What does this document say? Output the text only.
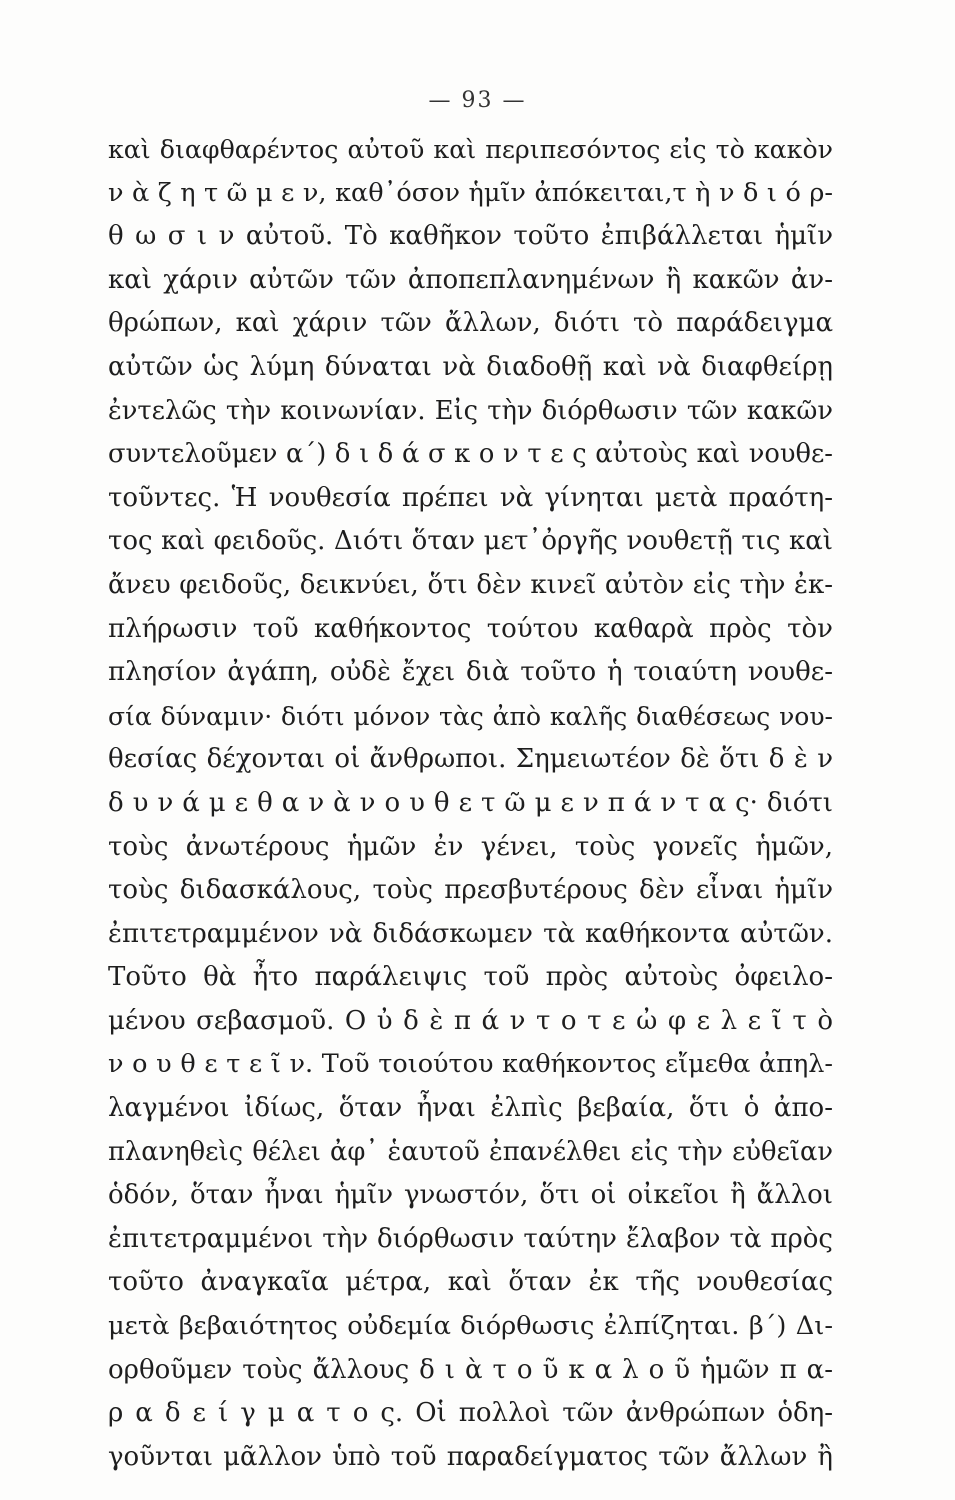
— 93 —
καὶ διαφθαρέντος αὐτοῦ καὶ περιπεσόντος εἰς τὸ κακὸν
ν ὰ ζ η τ ῶ μ ε ν, καθ᾽όσον ἡμῖν ἀπόκειται,τ ὴ ν δ ι ό ρ-
θ ω σ ι ν αὐτοῦ. Τὸ καθῆκον τοῦτο ἐπιβάλλεται ἡμῖν
καὶ χάριν αὐτῶν τῶν ἀποπεπλανημένων ἢ κακῶν ἀν-
θρώπων, καὶ χάριν τῶν ἄλλων, διότι τὸ παράδειγμα
αὐτῶν ὡς λύμη δύναται νὰ διαδοθῇ καὶ νὰ διαφθείρῃ
ἐντελῶς τὴν κοινωνίαν. Εἰς τὴν διόρθωσιν τῶν κακῶν
συντελοῦμεν α΄) δ ι δ ά σ κ ο ν τ ε ς αὐτοὺς καὶ νουθε-
τοῦντες. Ἡ νουθεσία πρέπει νὰ γίνηται μετὰ πραότη-
τος καὶ φειδοῦς. Διότι ὅταν μετ᾽ὀργῆς νουθετῇ τις καὶ
ἄνευ φειδοῦς, δεικνύει, ὅτι δὲν κινεῖ αὐτὸν εἰς τὴν ἐκ-
πλήρωσιν τοῦ καθήκοντος τούτου καθαρὰ πρὸς τὸν
πλησίον ἀγάπη, οὐδὲ ἔχει διὰ τοῦτο ἡ τοιαύτη νουθε-
σία δύναμιν· διότι μόνον τὰς ἀπὸ καλῆς διαθέσεως νου-
θεσίας δέχονται οἱ ἄνθρωποι. Σημειωτέον δὲ ὅτι δ ὲ ν
δ υ ν ά μ ε θ α ν ὰ ν ο υ θ ε τ ῶ μ ε ν π ά ν τ α ς· διότι
τοὺς ἀνωτέρους ἡμῶν ἐν γένει, τοὺς γονεῖς ἡμῶν,
τοὺς διδασκάλους, τοὺς πρεσβυτέρους δὲν εἶναι ἡμῖν
ἐπιτετραμμένον νὰ διδάσκωμεν τὰ καθήκοντα αὐτῶν.
Τοῦτο θὰ ἦτο παράλειψις τοῦ πρὸς αὐτοὺς ὀφειλο-
μένου σεβασμοῦ. Ο ὐ δ ὲ π ά ν τ ο τ ε ὠ φ ε λ ε ῖ τ ὸ
ν ο υ θ ε τ ε ῖ ν. Τοῦ τοιούτου καθήκοντος εἴμεθα ἀπηλ-
λαγμένοι ἰδίως, ὅταν ἦναι ἐλπὶς βεβαία, ὅτι ὁ ἀπο-
πλανηθεὶς θέλει ἀφ᾽ ἑαυτοῦ ἐπανέλθει εἰς τὴν εὐθεῖαν
ὁδόν, ὅταν ἦναι ἡμῖν γνωστόν, ὅτι οἱ οἰκεῖοι ἢ ἄλλοι
ἐπιτετραμμένοι τὴν διόρθωσιν ταύτην ἔλαβον τὰ πρὸς
τοῦτο ἀναγκαῖα μέτρα, καὶ ὅταν ἐκ τῆς νουθεσίας
μετὰ βεβαιότητος οὐδεμία διόρθωσις ἐλπίζηται. β΄) Δι-
ορθοῦμεν τοὺς ἄλλους δ ι ὰ τ ο ῦ κ α λ ο ῦ ἡμῶν π α-
ρ α δ ε ί γ μ α τ ο ς. Οἱ πολλοὶ τῶν ἀνθρώπων ὁδη-
γοῦνται μᾶλλον ὑπὸ τοῦ παραδείγματος τῶν ἄλλων ἢ
